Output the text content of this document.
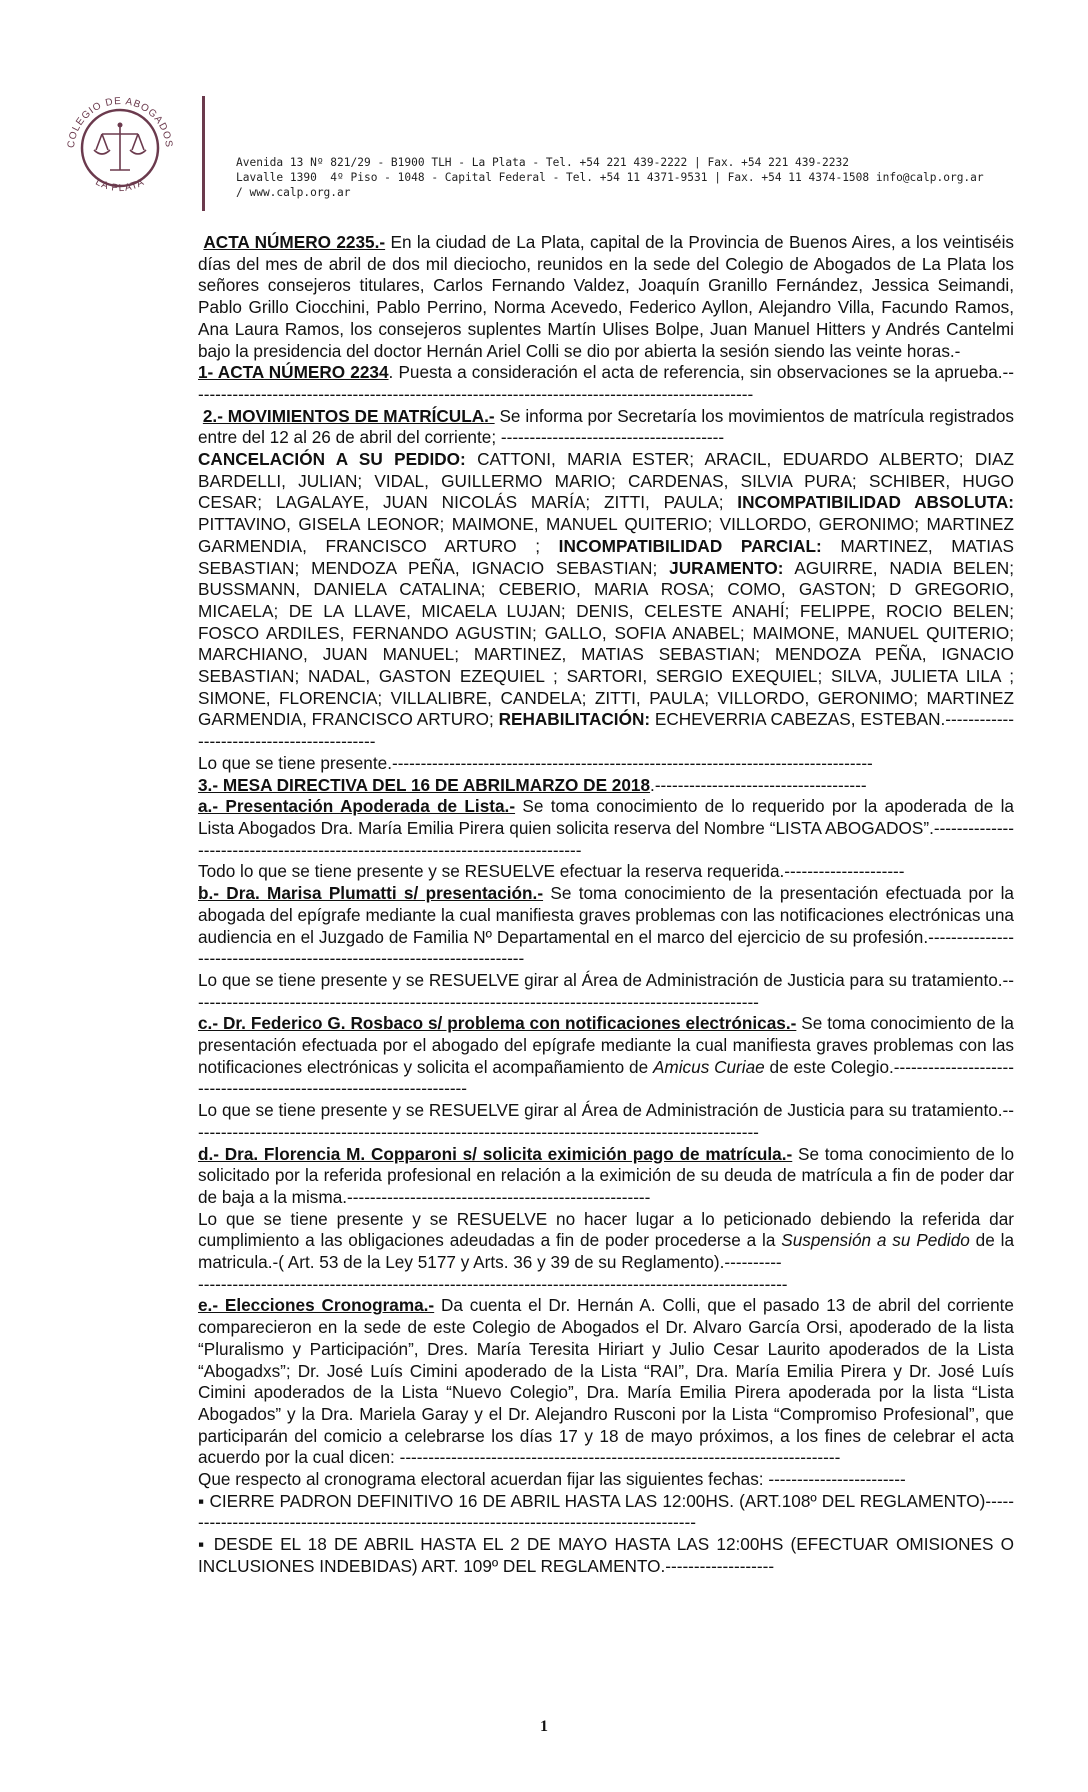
COLEGIO DE ABOGADOS
LA PLATA
Avenida 13 Nº 821/29 - B1900 TLH - La Plata - Tel. +54 221 439-2222 | Fax. +54 221 439-2232
Lavalle 1390  4º Piso - 1048 - Capital Federal - Tel. +54 11 4371-9531 | Fax. +54 11 4374-1508 info@calp.org.ar
/ www.calp.org.ar

ACTA NÚMERO 2235.- En la ciudad de La Plata, capital de la Provincia de Buenos Aires, a los veintiséis días del mes de abril de dos mil dieciocho, reunidos en la sede del Colegio de Abogados de La Plata los señores consejeros titulares, Carlos Fernando Valdez, Joaquín Granillo Fernández, Jessica Seimandi, Pablo Grillo Ciocchini, Pablo Perrino, Norma Acevedo, Federico Ayllon, Alejandro Villa, Facundo Ramos, Ana Laura Ramos, los consejeros suplentes Martín Ulises Bolpe, Juan Manuel Hitters y Andrés Cantelmi bajo la presidencia del doctor Hernán Ariel Colli se dio por abierta la sesión siendo las veinte horas.-

1- ACTA NÚMERO 2234. Puesta a consideración el acta de referencia, sin observaciones se la aprueba.---------------------------------------------------------------------------------------------------

2.- MOVIMIENTOS DE MATRÍCULA.- Se informa por Secretaría los movimientos de matrícula registrados entre del 12 al 26 de abril del corriente; ---------------------------------------

CANCELACIÓN A SU PEDIDO: CATTONI, MARIA ESTER; ARACIL, EDUARDO ALBERTO; DIAZ BARDELLI, JULIAN; VIDAL, GUILLERMO MARIO; CARDENAS, SILVIA PURA; SCHIBER, HUGO CESAR; LAGALAYE, JUAN NICOLÁS MARÍA; ZITTI, PAULA; INCOMPATIBILIDAD ABSOLUTA: PITTAVINO, GISELA LEONOR; MAIMONE, MANUEL QUITERIO; VILLORDO, GERONIMO; MARTINEZ GARMENDIA, FRANCISCO ARTURO ; INCOMPATIBILIDAD PARCIAL: MARTINEZ, MATIAS SEBASTIAN; MENDOZA PEÑA, IGNACIO SEBASTIAN; JURAMENTO: AGUIRRE, NADIA BELEN; BUSSMANN, DANIELA CATALINA; CEBERIO, MARIA ROSA; COMO, GASTON; D GREGORIO, MICAELA; DE LA LLAVE, MICAELA LUJAN; DENIS, CELESTE ANAHÍ; FELIPPE, ROCIO BELEN; FOSCO ARDILES, FERNANDO AGUSTIN; GALLO, SOFIA ANABEL; MAIMONE, MANUEL QUITERIO; MARCHIANO, JUAN MANUEL; MARTINEZ, MATIAS SEBASTIAN; MENDOZA PEÑA, IGNACIO SEBASTIAN; NADAL, GASTON EZEQUIEL ; SARTORI, SERGIO EXEQUIEL; SILVA, JULIETA LILA ; SIMONE, FLORENCIA; VILLALIBRE, CANDELA; ZITTI, PAULA; VILLORDO, GERONIMO; MARTINEZ GARMENDIA, FRANCISCO ARTURO; REHABILITACIÓN: ECHEVERRIA CABEZAS, ESTEBAN.-------------------------------------------

Lo que se tiene presente.------------------------------------------------------------------------------------

3.- MESA DIRECTIVA DEL 16 DE ABRILMARZO DE 2018.-------------------------------------

a.- Presentación Apoderada de Lista.- Se toma conocimiento de lo requerido por la apoderada de la Lista Abogados Dra. María Emilia Pirera quien solicita reserva del Nombre “LISTA ABOGADOS”.---------------------------------------------------------------------------------

Todo lo que se tiene presente y se RESUELVE efectuar la reserva requerida.---------------------

b.- Dra. Marisa Plumatti s/ presentación.- Se toma conocimiento de la presentación efectuada por la abogada del epígrafe mediante la cual manifiesta graves problemas con las notificaciones electrónicas una audiencia en el Juzgado de Familia Nº Departamental en el marco del ejercicio de su profesión.------------------------------------------------------------------------

Lo que se tiene presente y se RESUELVE girar al Área de Administración de Justicia para su tratamiento.----------------------------------------------------------------------------------------------------

c.- Dr. Federico G. Rosbaco s/ problema con notificaciones electrónicas.- Se toma conocimiento de la presentación efectuada por el abogado del epígrafe mediante la cual manifiesta graves problemas con las notificaciones electrónicas y solicita el acompañamiento de Amicus Curiae de este Colegio.--------------------------------------------------------------------

Lo que se tiene presente y se RESUELVE girar al Área de Administración de Justicia para su tratamiento.----------------------------------------------------------------------------------------------------

d.- Dra. Florencia M. Copparoni s/ solicita eximición pago de matrícula.- Se toma conocimiento de lo solicitado por la referida profesional en relación a la eximición de su deuda de matrícula a fin de poder dar de baja a la misma.-----------------------------------------------------

Lo que se tiene presente y se RESUELVE no hacer lugar a lo peticionado debiendo la referida dar cumplimiento a las obligaciones adeudadas a fin de poder procederse a la Suspensión a su Pedido de la matricula.-( Art. 53 de la Ley 5177 y Arts. 36 y 39 de su Reglamento).----------

-------------------------------------------------------------------------------------------------------

e.- Elecciones Cronograma.- Da cuenta el Dr. Hernán A. Colli, que el pasado 13 de abril del corriente comparecieron en la sede de este Colegio de Abogados el Dr. Alvaro García Orsi, apoderado de la lista “Pluralismo y Participación”, Dres. María Teresita Hiriart y Julio Cesar Laurito apoderados de la Lista “Abogadxs”; Dr. José Luís Cimini apoderado de la Lista “RAI”, Dra. María Emilia Pirera y Dr. José Luís Cimini apoderados de la Lista “Nuevo Colegio”, Dra. María Emilia Pirera apoderada por la lista “Lista Abogados” y la Dra. Mariela Garay y el Dr. Alejandro Rusconi por la Lista “Compromiso Profesional”, que participarán del comicio a celebrarse los días 17 y 18 de mayo próximos, a los fines de celebrar el acta acuerdo por la cual dicen: -----------------------------------------------------------------------------

Que respecto al cronograma electoral acuerdan fijar las siguientes fechas: ------------------------

▪ CIERRE PADRON DEFINITIVO 16 DE ABRIL HASTA LAS 12:00HS. (ART.108º DEL REGLAMENTO)--------------------------------------------------------------------------------------------

▪ DESDE EL 18 DE ABRIL HASTA EL 2 DE MAYO HASTA LAS 12:00HS (EFECTUAR OMISIONES O INCLUSIONES INDEBIDAS) ART. 109º DEL REGLAMENTO.-------------------

1
